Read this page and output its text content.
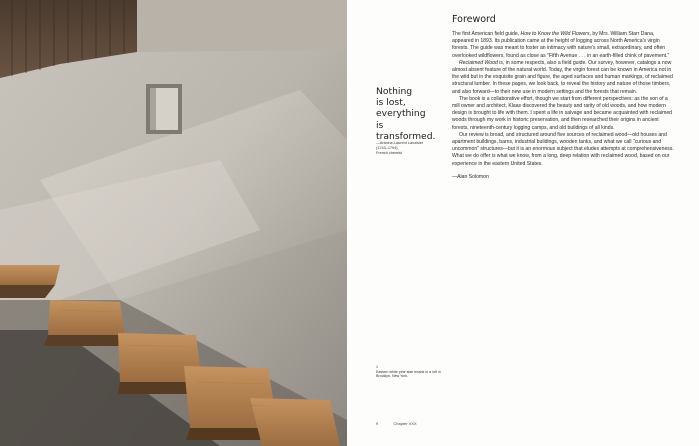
Nothing
is lost,
everything
is
transformed.
—Antoine-Laurent Lavoisier
(1743–1794),
French chemist
1
Eastern white pine stair treads in a loft in Brooklyn, New York.
9	Chapter XXX
Foreword

The first American field guide, How to Know the Wild Flowers, by Mrs. William Starr Dana, appeared in 1893. Its publication came at the height of logging across North America's virgin forests. The guide was meant to foster an intimacy with nature's small, extraordinary, and often overlooked wildflowers, found as close as "Fifth Avenue . . . in an earth-filled chink of pavement."

Reclaimed Wood is, in some respects, also a field guide. Our survey, however, catalogs a now almost absent feature of the natural world. Today, the virgin forest can be known in America not in the wild but in the exquisite grain and figure, the aged surfaces and human markings, of reclaimed structural lumber. In these pages, we look back, to reveal the history and nature of those timbers, and also forward—to their new use in modern settings and the forests that remain.

The book is a collaborative effort, though we start from different perspectives: as the son of a mill owner and architect, Klaas discovered the beauty and rarity of old woods, and how modern design is brought to life with them. I spent a life in salvage and became acquainted with reclaimed woods through my work in historic preservation, and then researched their origins in ancient forests, nineteenth-century logging camps, and old buildings of all kinds.

Our review is broad, and structured around five sources of reclaimed wood—old houses and apartment buildings, barns, industrial buildings, wooden tanks, and what we call "curious and uncommon" structures—but it is an enormous subject that eludes attempts at comprehensiveness. What we do offer is what we know, from a long, deep relation with reclaimed wood, based on our experience in the eastern United States.

—Alan Solomon
